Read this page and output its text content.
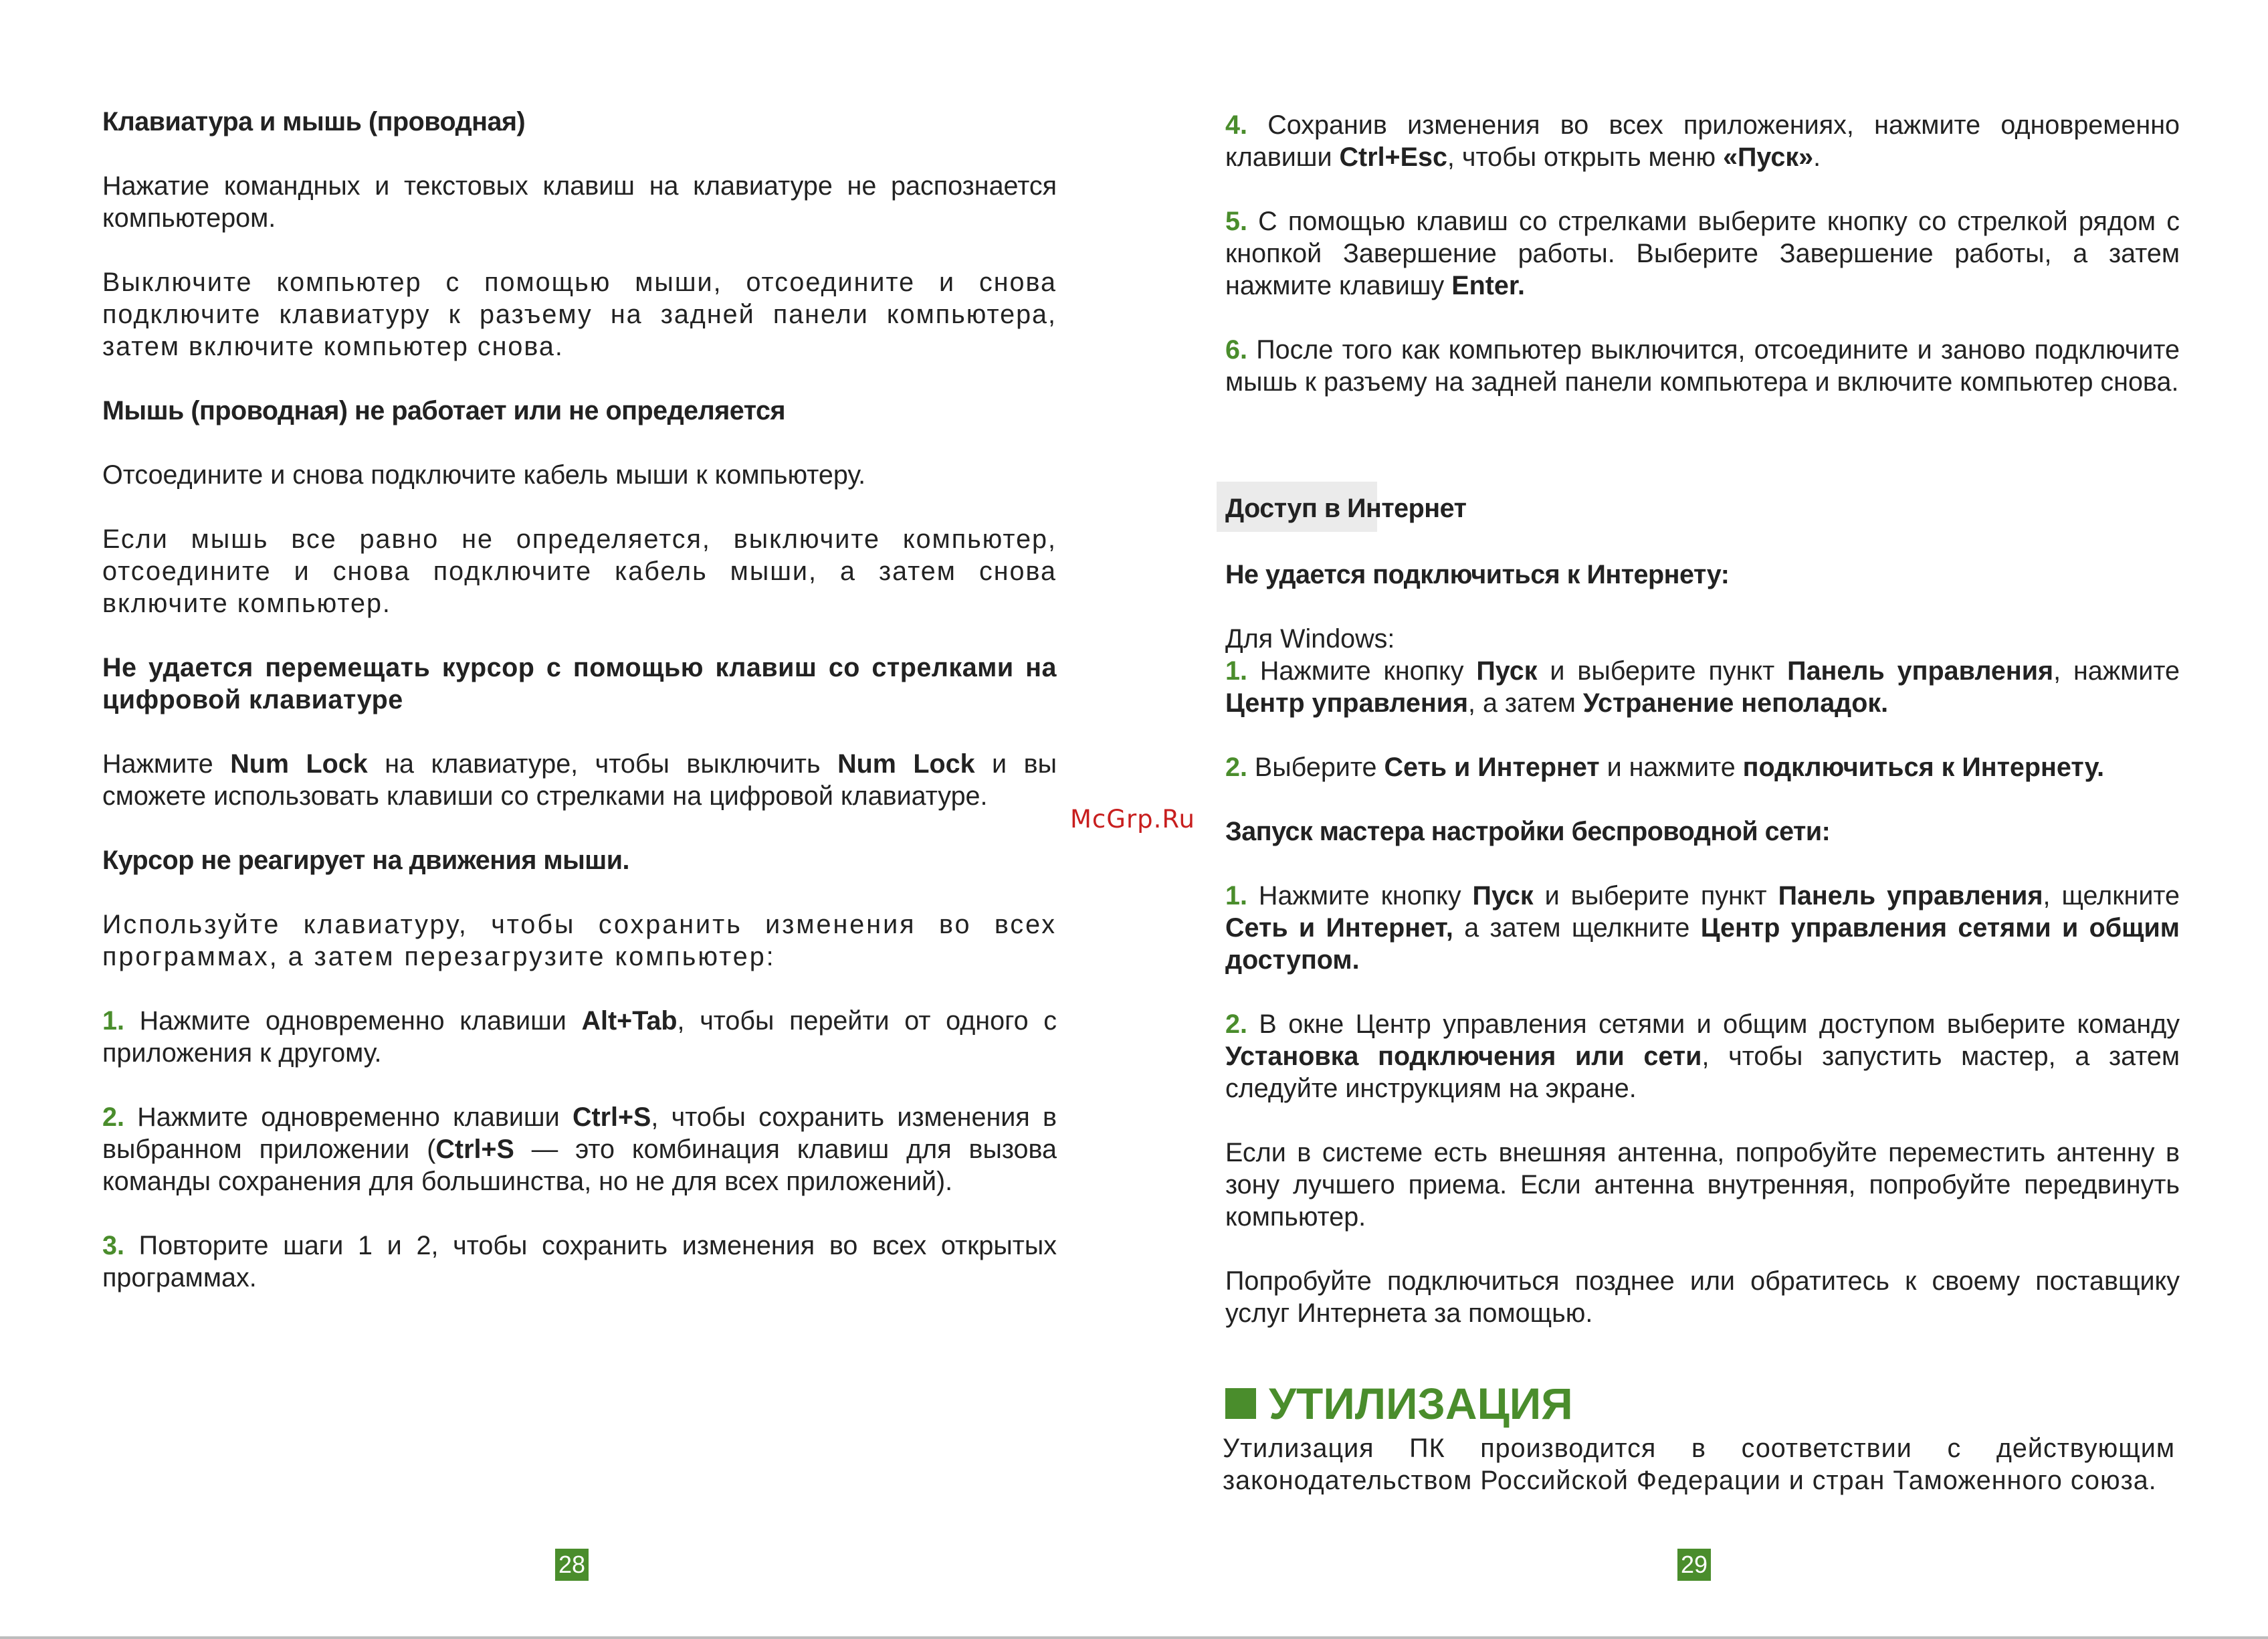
Клавиатура и мышь (проводная)

Нажатие командных и текстовых клавиш на клавиатуре не распознается компьютером.

Выключите компьютер с помощью мыши, отсоедините и снова подключите клавиатуру к разъему на задней панели компьютера, затем включите компьютер снова.

Мышь (проводная) не работает или не определяется

Отсоедините и снова подключите кабель мыши к компьютеру.

Если мышь все равно не определяется, выключите компьютер, отсоедините и снова подключите кабель мыши, а затем снова включите компьютер.

Не удается перемещать курсор с помощью клавиш со стрелками на цифровой клавиатуре

Нажмите Num Lock на клавиатуре, чтобы выключить Num Lock и вы сможете использовать клавиши со стрелками на цифровой клавиатуре.

Курсор не реагирует на движения мыши.

Используйте клавиатуру, чтобы сохранить изменения во всех программах, а затем перезагрузите компьютер:

1. Нажмите одновременно клавиши Alt+Tab, чтобы перейти от одного с приложения к другому.

2. Нажмите одновременно клавиши Ctrl+S, чтобы сохранить изменения в выбранном приложении (Ctrl+S — это комбинация клавиш для вызова команды сохранения для большинства, но не для всех приложений).

3. Повторите шаги 1 и 2, чтобы сохранить изменения во всех открытых программах.

28

4. Сохранив изменения во всех приложениях, нажмите одновременно клавиши Ctrl+Esc, чтобы открыть меню «Пуск».

5. С помощью клавиш со стрелками выберите кнопку со стрелкой рядом с кнопкой Завершение работы. Выберите Завершение работы, а затем нажмите клавишу Enter.

6. После того как компьютер выключится, отсоедините и заново подключите мышь к разъему на задней панели компьютера и включите компьютер снова.

Доступ в Интернет

Не удается подключиться к Интернету:

Для Windows:

1. Нажмите кнопку Пуск и выберите пункт Панель управления, нажмите Центр управления, а затем Устранение неполадок.

2. Выберите Сеть и Интернет и нажмите подключиться к Интернету.

Запуск мастера настройки беспроводной сети:

1. Нажмите кнопку Пуск и выберите пункт Панель управления, щелкните Сеть и Интернет, а затем щелкните Центр управления сетями и общим доступом.

2. В окне Центр управления сетями и общим доступом выберите команду Установка подключения или сети, чтобы запустить мастер, а затем следуйте инструкциям на экране.

Если в системе есть внешняя антенна, попробуйте переместить антенну в зону лучшего приема. Если антенна внутренняя, попробуйте передвинуть компьютер.

Попробуйте подключиться позднее или обратитесь к своему поставщику услуг Интернета за помощью.

УТИЛИЗАЦИЯ

Утилизация ПК производится в соответствии с действующим законодательством Российской Федерации и стран Таможенного союза.

29
McGrp.Ru
